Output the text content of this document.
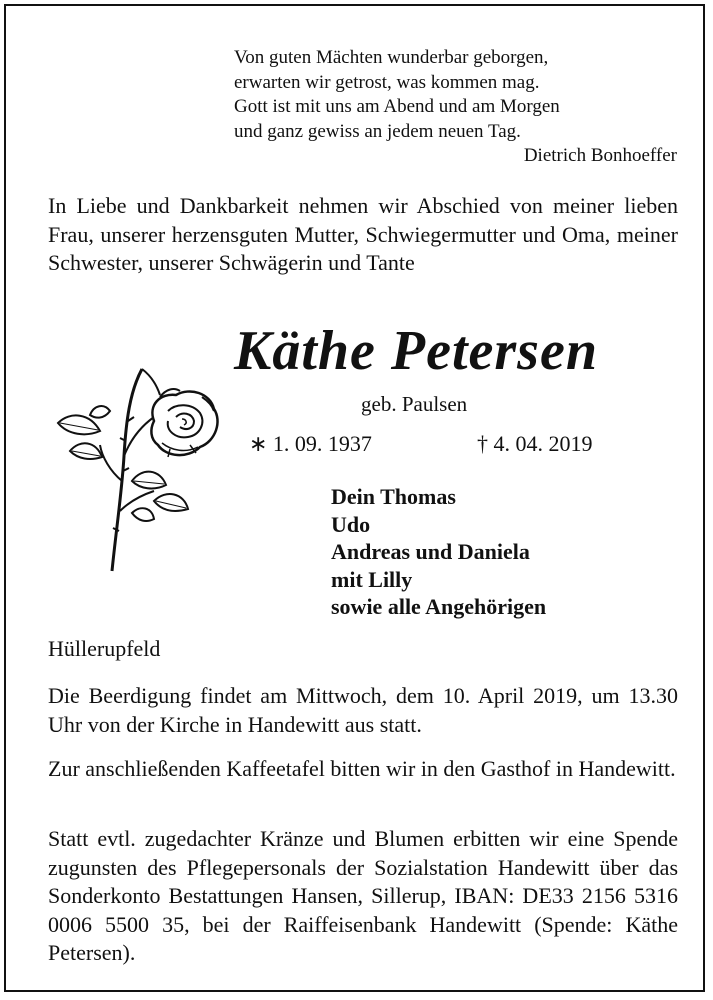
Von guten Mächten wunderbar geborgen,
erwarten wir getrost, was kommen mag.
Gott ist mit uns am Abend und am Morgen
und ganz gewiss an jedem neuen Tag.
Dietrich Bonhoeffer
In Liebe und Dankbarkeit nehmen wir Abschied von meiner lieben Frau, unserer herzensguten Mutter, Schwiegermutter und Oma, meiner Schwester, unserer Schwägerin und Tante
Käthe Petersen
geb. Paulsen
∗ 1. 09. 1937	† 4. 04. 2019
Dein Thomas
Udo
Andreas und Daniela
mit Lilly
sowie alle Angehörigen
Hüllerupfeld
Die Beerdigung findet am Mittwoch, dem 10. April 2019, um 13.30 Uhr von der Kirche in Handewitt aus statt.
Zur anschließenden Kaffeetafel bitten wir in den Gasthof in Handewitt.
Statt evtl. zugedachter Kränze und Blumen erbitten wir eine Spende zugunsten des Pflegepersonals der Sozialstation Handewitt über das Sonderkonto Bestattungen Hansen, Sillerup, IBAN: DE33 2156 5316 0006 5500 35, bei der Raiffeisenbank Handewitt (Spende: Käthe Petersen).
